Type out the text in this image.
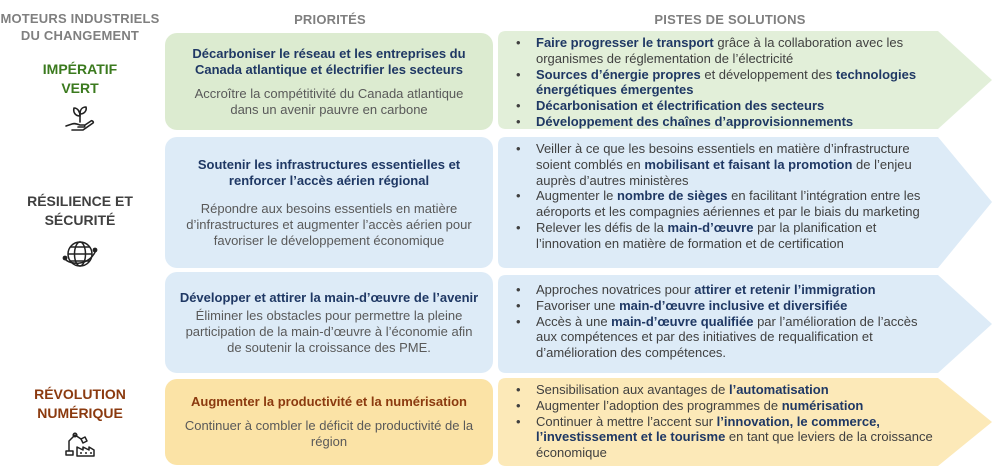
MOTEURS INDUSTRIELS DU CHANGEMENT
PRIORITÉS	PISTES DE SOLUTIONS
IMPÉRATIF VERT
RÉSILIENCE ET SÉCURITÉ
RÉVOLUTION NUMÉRIQUE
Décarboniser le réseau et les entreprises du Canada atlantique et électrifier les secteurs
Accroître la compétitivité du Canada atlantique dans un avenir pauvre en carbone
Soutenir les infrastructures essentielles et renforcer l’accès aérien régional
Répondre aux besoins essentiels en matière d’infrastructures et augmenter l’accès aérien pour favoriser le développement économique
Développer et attirer la main-d’œuvre de l’avenir
Éliminer les obstacles pour permettre la pleine participation de la main-d’œuvre à l’économie afin de soutenir la croissance des PME.
Augmenter la productivité et la numérisation
Continuer à combler le déficit de productivité de la région
• Faire progresser le transport grâce à la collaboration avec les organismes de réglementation de l’électricité
• Sources d’énergie propres et développement des technologies énergétiques émergentes
• Décarbonisation et électrification des secteurs
• Développement des chaînes d’approvisionnements
• Veiller à ce que les besoins essentiels en matière d’infrastructure soient comblés en mobilisant et faisant la promotion de l’enjeu auprès d’autres ministères
• Augmenter le nombre de sièges en facilitant l’intégration entre les aéroports et les compagnies aériennes et par le biais du marketing
• Relever les défis de la main-d’œuvre par la planification et l’innovation en matière de formation et de certification
• Approches novatrices pour attirer et retenir l’immigration
• Favoriser une main-d’œuvre inclusive et diversifiée
• Accès à une main-d’œuvre qualifiée par l’amélioration de l’accès aux compétences et par des initiatives de requalification et d’amélioration des compétences.
• Sensibilisation aux avantages de l’automatisation
• Augmenter l’adoption des programmes de numérisation
• Continuer à mettre l’accent sur l’innovation, le commerce, l’investissement et le tourisme en tant que leviers de la croissance économique
